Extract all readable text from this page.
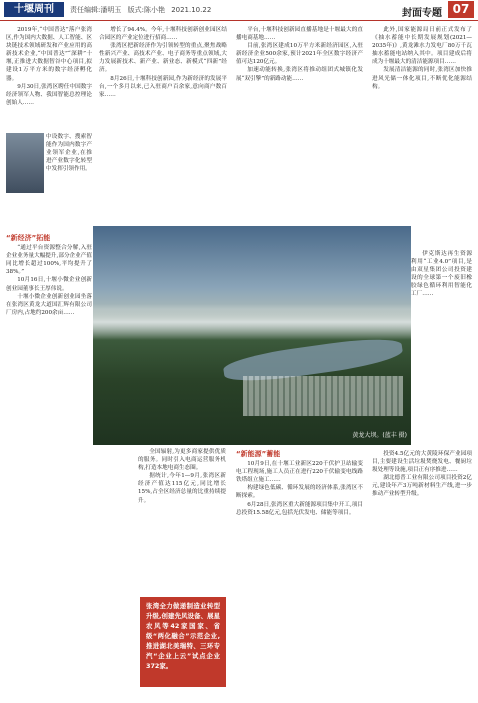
十堰周刊	责任编辑:潘明玉 版式:陈小艳 2021.10.22	封面专题 07

2019年,“中国普达”落户张湾区,作为国内大数据、人工智能、区块链技术领域研发和产业应用的高新技术企业,“中国普达”“深耕”十堰,正推进大数据智谷中心项目,拟建设1万平方米的数字经济孵化器。

9月30日,张湾区聘任中国数字经济领军人物、我国智能总控理论创始人……

“新经济”拓能

“通过平台资源整合分解,入驻企业业务量大幅提升,部分企业产值同比增长超过100%,平均提升了38%。”

10月16日,十堰小微企业创新创业园董事长王厚伟说。

十堰小微企业创新创业园坐落在张湾区黄龙大道国汇辉有限公司厂房内,占地约200余亩……

中设数字、搜索智能作为国内数字产业领军企业,在推进产业数字化转型中发挥引领作用。

增长了94.4%。今年,十堰科技创新创业园区结合园区的产业定位进行招商……

张湾区把新经济作为引领转型的重点,聚焦战略性新兴产业、高技术产业、电子商务等重点领域,大力发展新技术、新产业、新业态、新模式“四新”经济。

8月26日,十堰科技创新园,作为新经济的发展平台,一个多月以来,已入驻商户百余家,意向商户数百家……

平台,十堰科技创新园直播基地是十堰最大的直播电商基地……

目前,张湾区建成10万平方米新经济园区,入驻新经济企业500余家,预计2021年全区数字经济产值可达120亿元。

加速动能转换,张湾区将推动组团式城镇化发展“双引擎”的新路动能……

此外,国家能源局日前正式发布了《抽水蓄能中长期发展规划(2021—2035年)》,黄龙滩水力发电厂80万千瓦抽水蓄能电站纳入其中。项目建成后将成为十堰最大的清洁能源项目……

发展清洁能源的同时,张湾区加快推进风光储一体化项目,不断优化能源结构。

伊克斯达再生资源利用“工业4.0”项目,是由双星集团公司投资建设的全球第一个废旧橡胶绿色循环利用智能化工厂……

黄龙大坝。(蓝丰 摄)

全国辐射,为更多商家提供优质的服务。同时引入电商运营服务机构,打造本地电商生态圈。

据统计,今年1—9月,张湾区新经济产值达115亿元,同比增长15%,占全区经济总量的比重持续提升。

张湾全力做递制造业转型升级,创建先风设备、展星农风等42家国家、省级“两化融合”示范企业,推进湖北美瑞特、三环专汽“企业上云”试点企业372家。
“新能源”蓄能

10月9日,在十堰工业新区220千伏护卫站输变电工程现场,施工人员正在进行220千伏输变电线路铁塔组立施工……

构建绿色低碳、循环发展的经济体系,张湾区不断探索。

6月28日,张湾区重大新能源项目集中开工,项目总投资15.58亿元,包括光伏发电、储能等项目。

投资4.5亿元的大黄陵环保产业园项目,主要建设生活垃圾焚烧发电、餐厨垃圾处理等设施,项目正有序推进……

湖北德普工业有限公司项目投资2亿元,建设年产3万吨新材料生产线,进一步推动产业转型升级。
